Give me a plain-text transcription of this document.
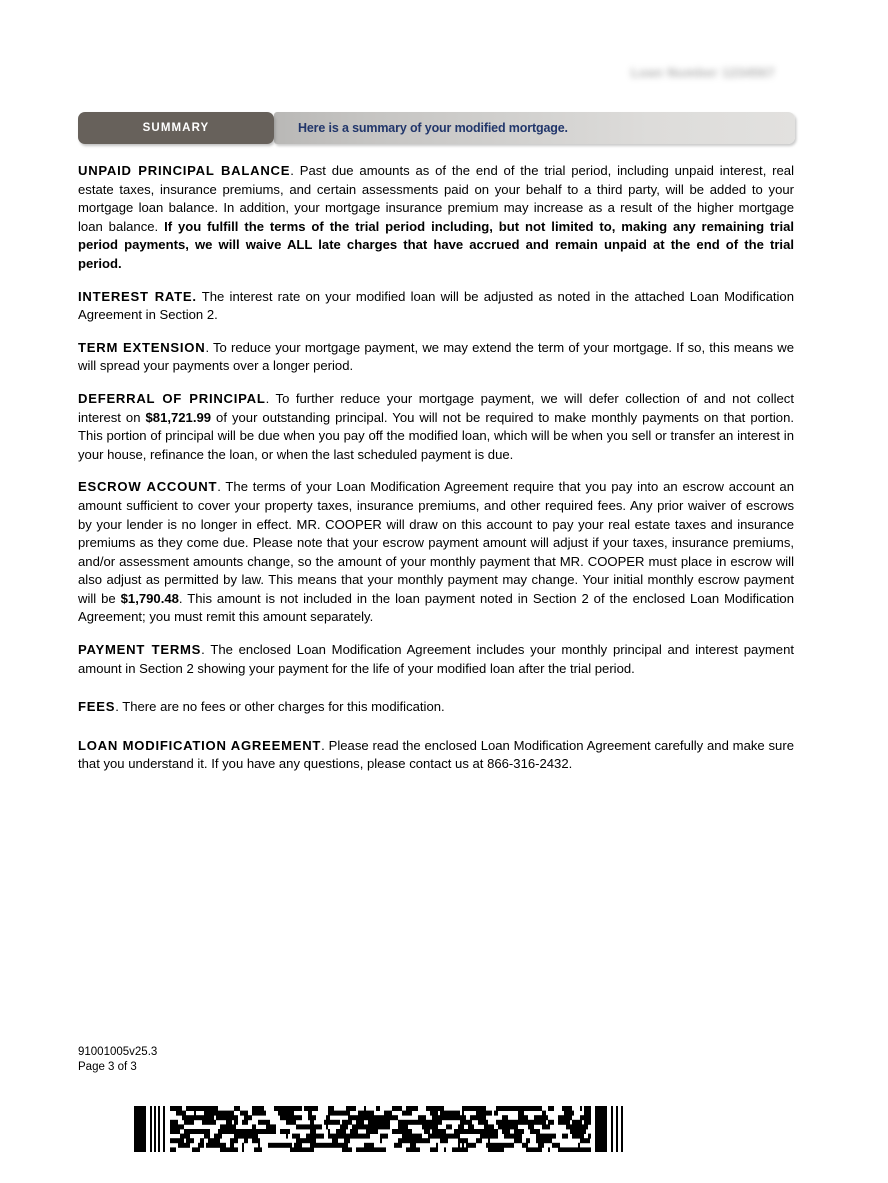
Loan Number 1234567
Here is a summary of your modified mortgage.
SUMMARY

UNPAID PRINCIPAL BALANCE. Past due amounts as of the end of the trial period, including unpaid interest, real estate taxes, insurance premiums, and certain assessments paid on your behalf to a third party, will be added to your mortgage loan balance. In addition, your mortgage insurance premium may increase as a result of the higher mortgage loan balance. If you fulfill the terms of the trial period including, but not limited to, making any remaining trial period payments, we will waive ALL late charges that have accrued and remain unpaid at the end of the trial period.

INTEREST RATE. The interest rate on your modified loan will be adjusted as noted in the attached Loan Modification Agreement in Section 2.

TERM EXTENSION. To reduce your mortgage payment, we may extend the term of your mortgage. If so, this means we will spread your payments over a longer period.

DEFERRAL OF PRINCIPAL. To further reduce your mortgage payment, we will defer collection of and not collect interest on $81,721.99 of your outstanding principal. You will not be required to make monthly payments on that portion. This portion of principal will be due when you pay off the modified loan, which will be when you sell or transfer an interest in your house, refinance the loan, or when the last scheduled payment is due.

ESCROW ACCOUNT. The terms of your Loan Modification Agreement require that you pay into an escrow account an amount sufficient to cover your property taxes, insurance premiums, and other required fees. Any prior waiver of escrows by your lender is no longer in effect. MR. COOPER will draw on this account to pay your real estate taxes and insurance premiums as they come due. Please note that your escrow payment amount will adjust if your taxes, insurance premiums, and/or assessment amounts change, so the amount of your monthly payment that MR. COOPER must place in escrow will also adjust as permitted by law. This means that your monthly payment may change. Your initial monthly escrow payment will be $1,790.48. This amount is not included in the loan payment noted in Section 2 of the enclosed Loan Modification Agreement; you must remit this amount separately.

PAYMENT TERMS. The enclosed Loan Modification Agreement includes your monthly principal and interest payment amount in Section 2 showing your payment for the life of your modified loan after the trial period.

FEES. There are no fees or other charges for this modification.

LOAN MODIFICATION AGREEMENT. Please read the enclosed Loan Modification Agreement carefully and make sure that you understand it. If you have any questions, please contact us at 866-316-2432.

91001005v25.3
Page 3 of 3
